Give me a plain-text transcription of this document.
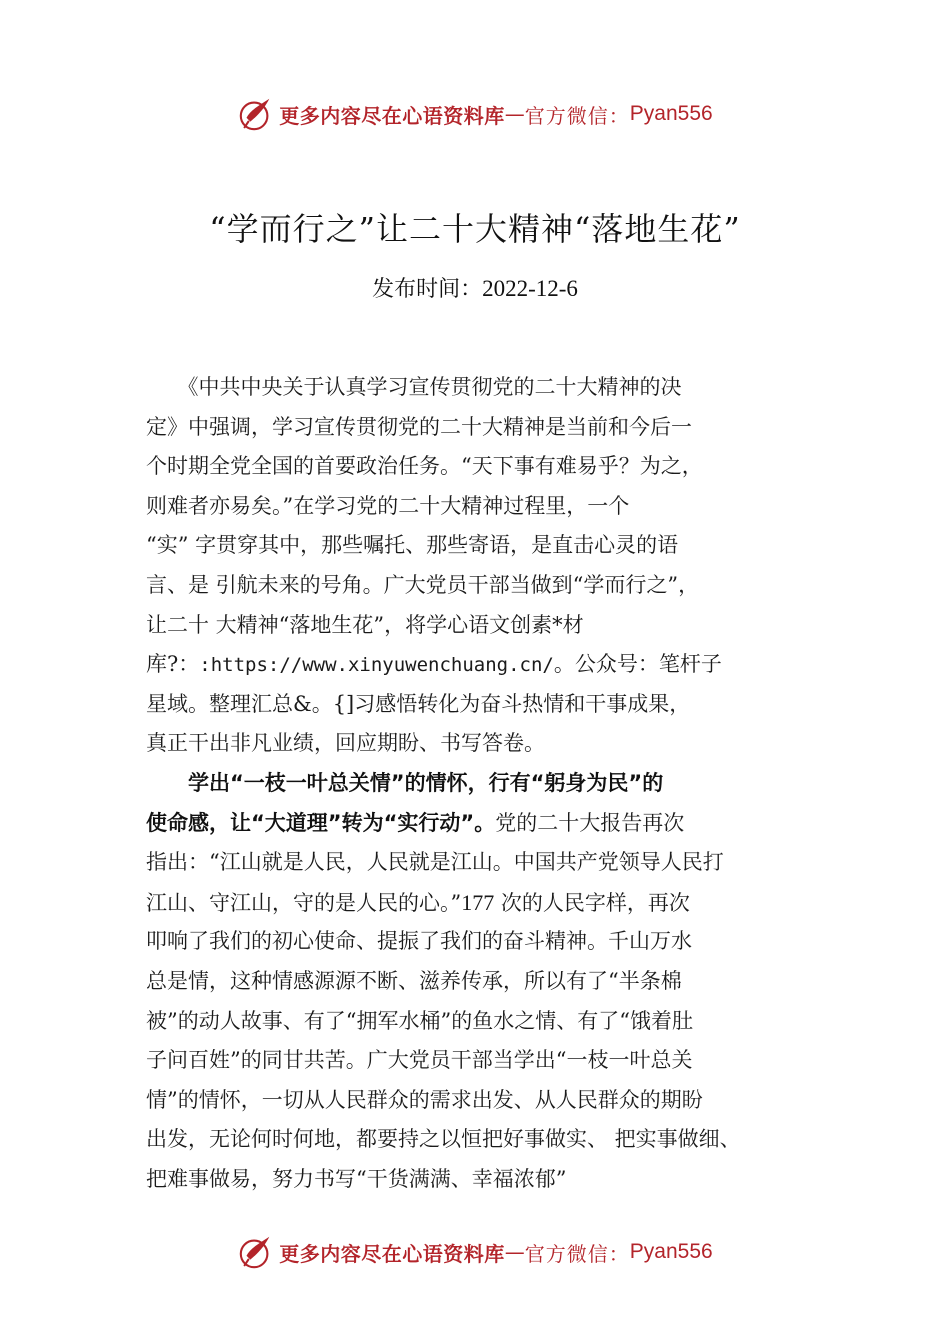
更多内容尽在心语资料库 — 官方微信： Pyan556
“学而行之”让二十大精神“落地生花”
发布时间：2022-12-6
　　《中共中央关于认真学习宣传贯彻党的二十大精神的决
定》中强调，学习宣传贯彻党的二十大精神是当前和今后一
个时期全党全国的首要政治任务。“天下事有难易乎？为之，
则难者亦易矣。”在学习党的二十大精神过程里，一个
“实” 字贯穿其中，那些嘱托、那些寄语，是直击心灵的语
言、是 引航未来的号角。广大党员干部当做到“学而行之”，
让二十 大精神“落地生花”，将学心语文创素*材
库?：:https://www.xinyuwenchuang.cn/。公众号：笔杆子
星域。整理汇总&。{]习感悟转化为奋斗热情和干事成果，
真正干出非凡业绩，回应期盼、书写答卷。
　　学出“一枝一叶总关情”的情怀，行有“躬身为民”的
使命感，让“大道理”转为“实行动”。党的二十大报告再次
指出：“江山就是人民，人民就是江山。中国共产党领导人民打
江山、守江山，守的是人民的心。”177 次的人民字样，再次
叩响了我们的初心使命、提振了我们的奋斗精神。千山万水
总是情，这种情感源源不断、滋养传承，所以有了“半条棉
被”的动人故事、有了“拥军水桶”的鱼水之情、有了“饿着肚
子问百姓”的同甘共苦。广大党员干部当学出“一枝一叶总关
情”的情怀，一切从人民群众的需求出发、从人民群众的期盼
出发，无论何时何地，都要持之以恒把好事做实、 把实事做细、
把难事做易，努力书写“干货满满、幸福浓郁”
更多内容尽在心语资料库 — 官方微信： Pyan556
